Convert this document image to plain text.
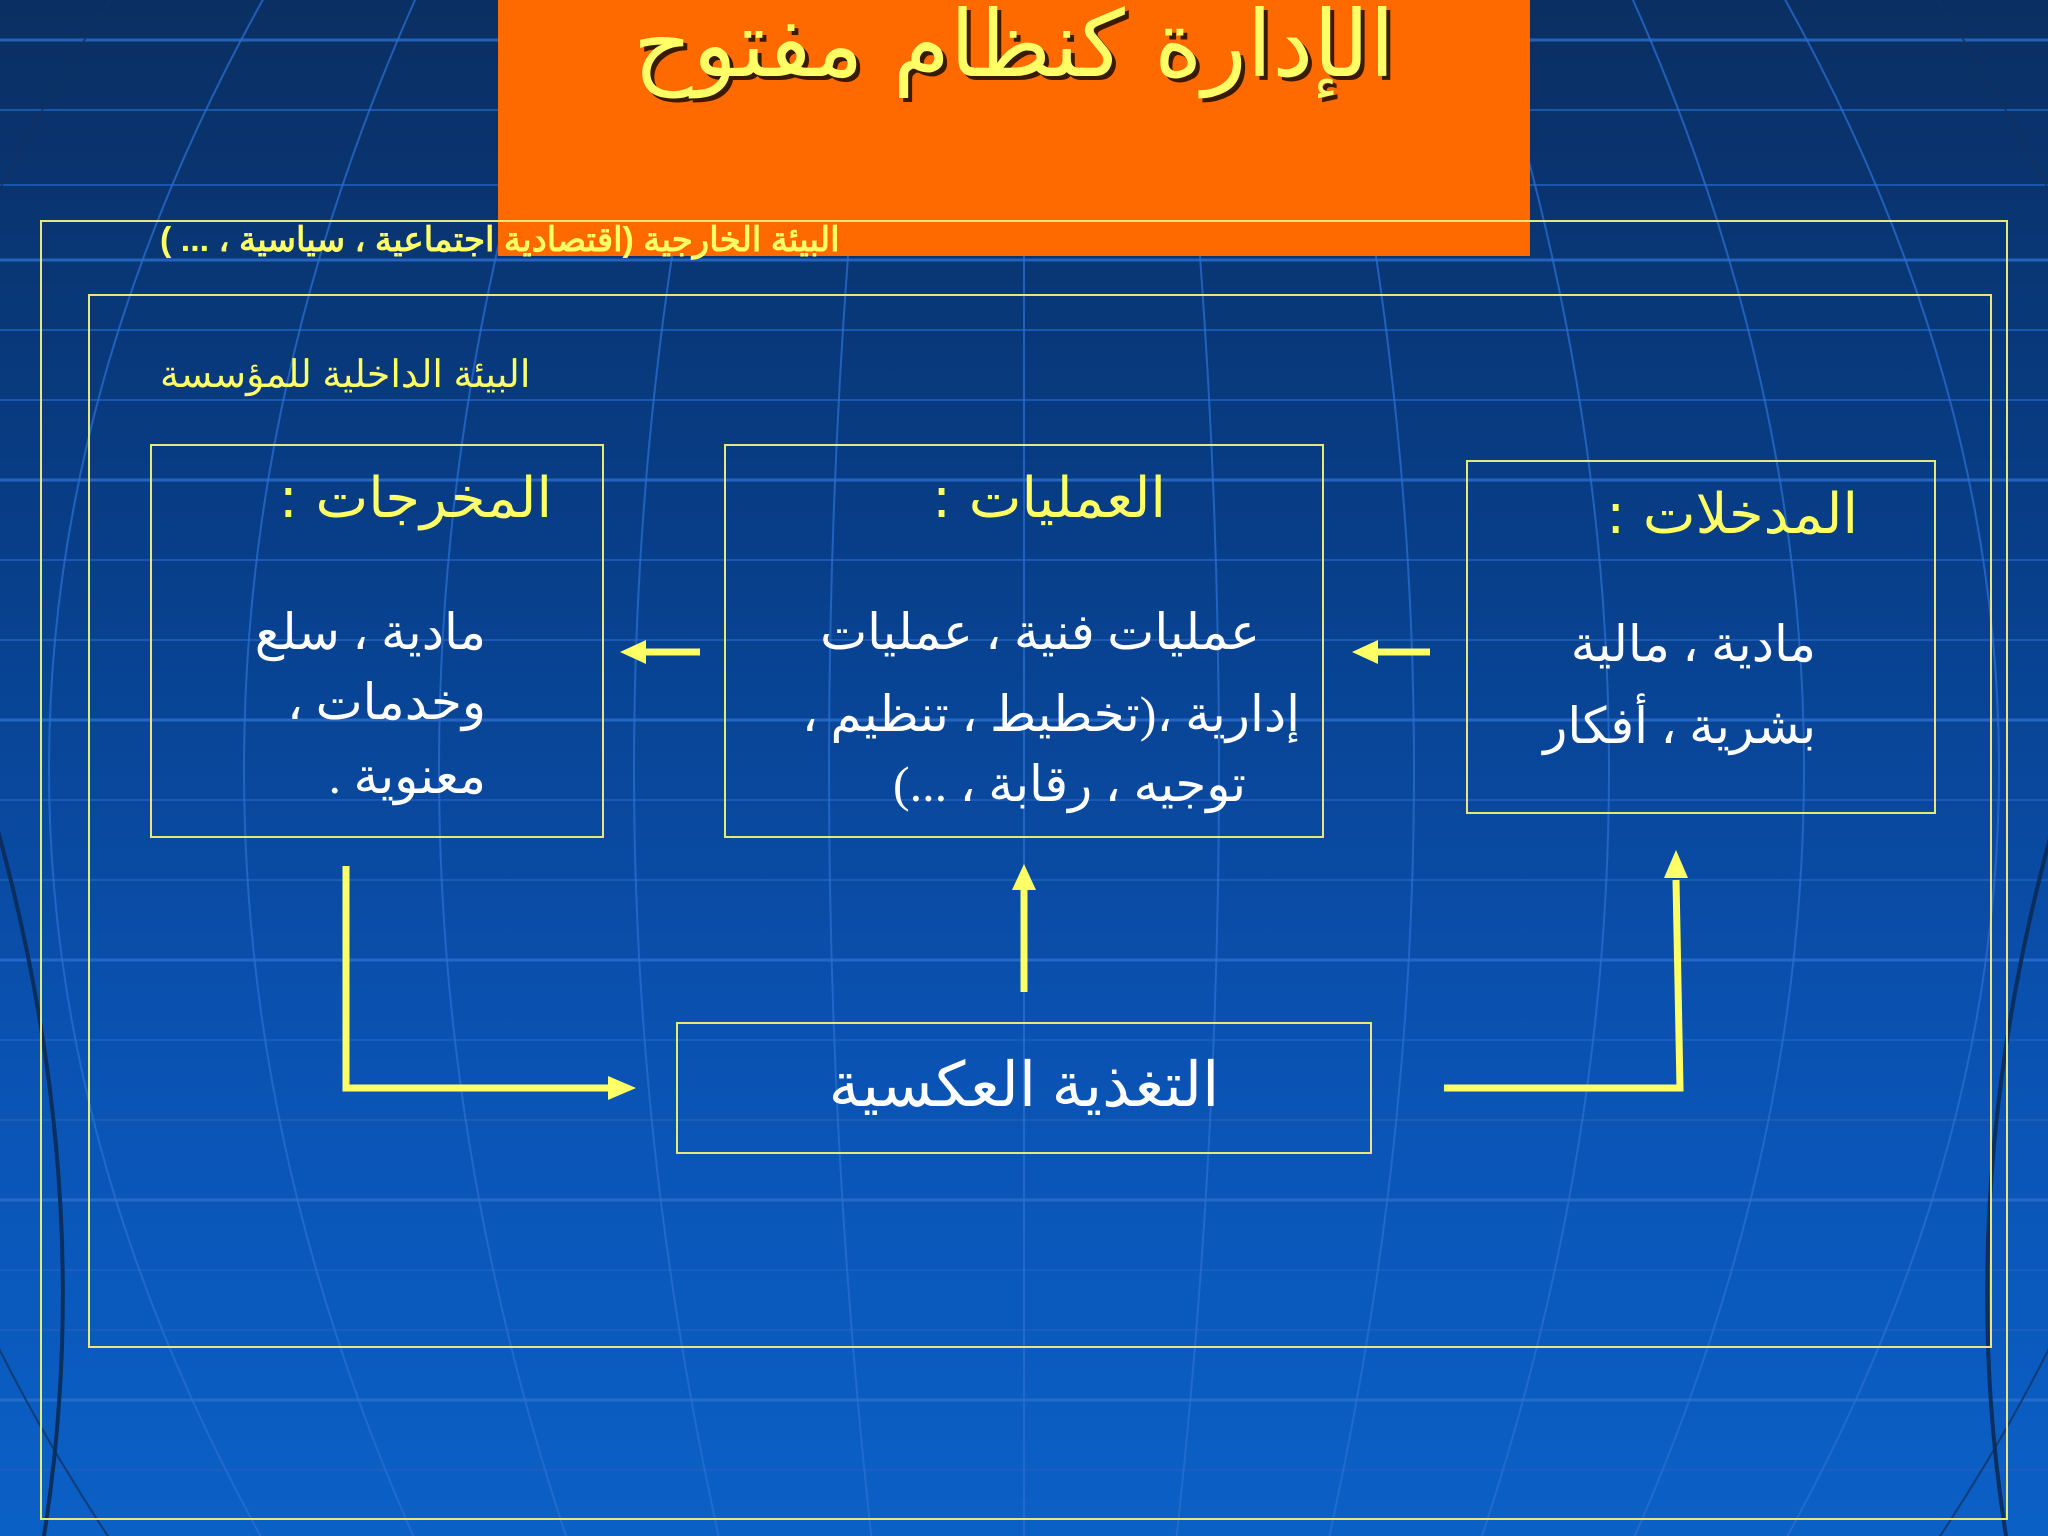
الإدارة كنظام مفتوح
البيئة الخارجية (اقتصادية اجتماعية ، سياسية ، ... )
البيئة الداخلية للمؤسسة
المدخلات :
مادية ، مالية
بشرية ، أفكار
العمليات :
عمليات فنية ، عمليات
إدارية ،(تخطيط ، تنظيم ،
توجيه ، رقابة ، ...)
المخرجات :
مادية ، سلع
وخدمات ،
معنوية .
التغذية العكسية
